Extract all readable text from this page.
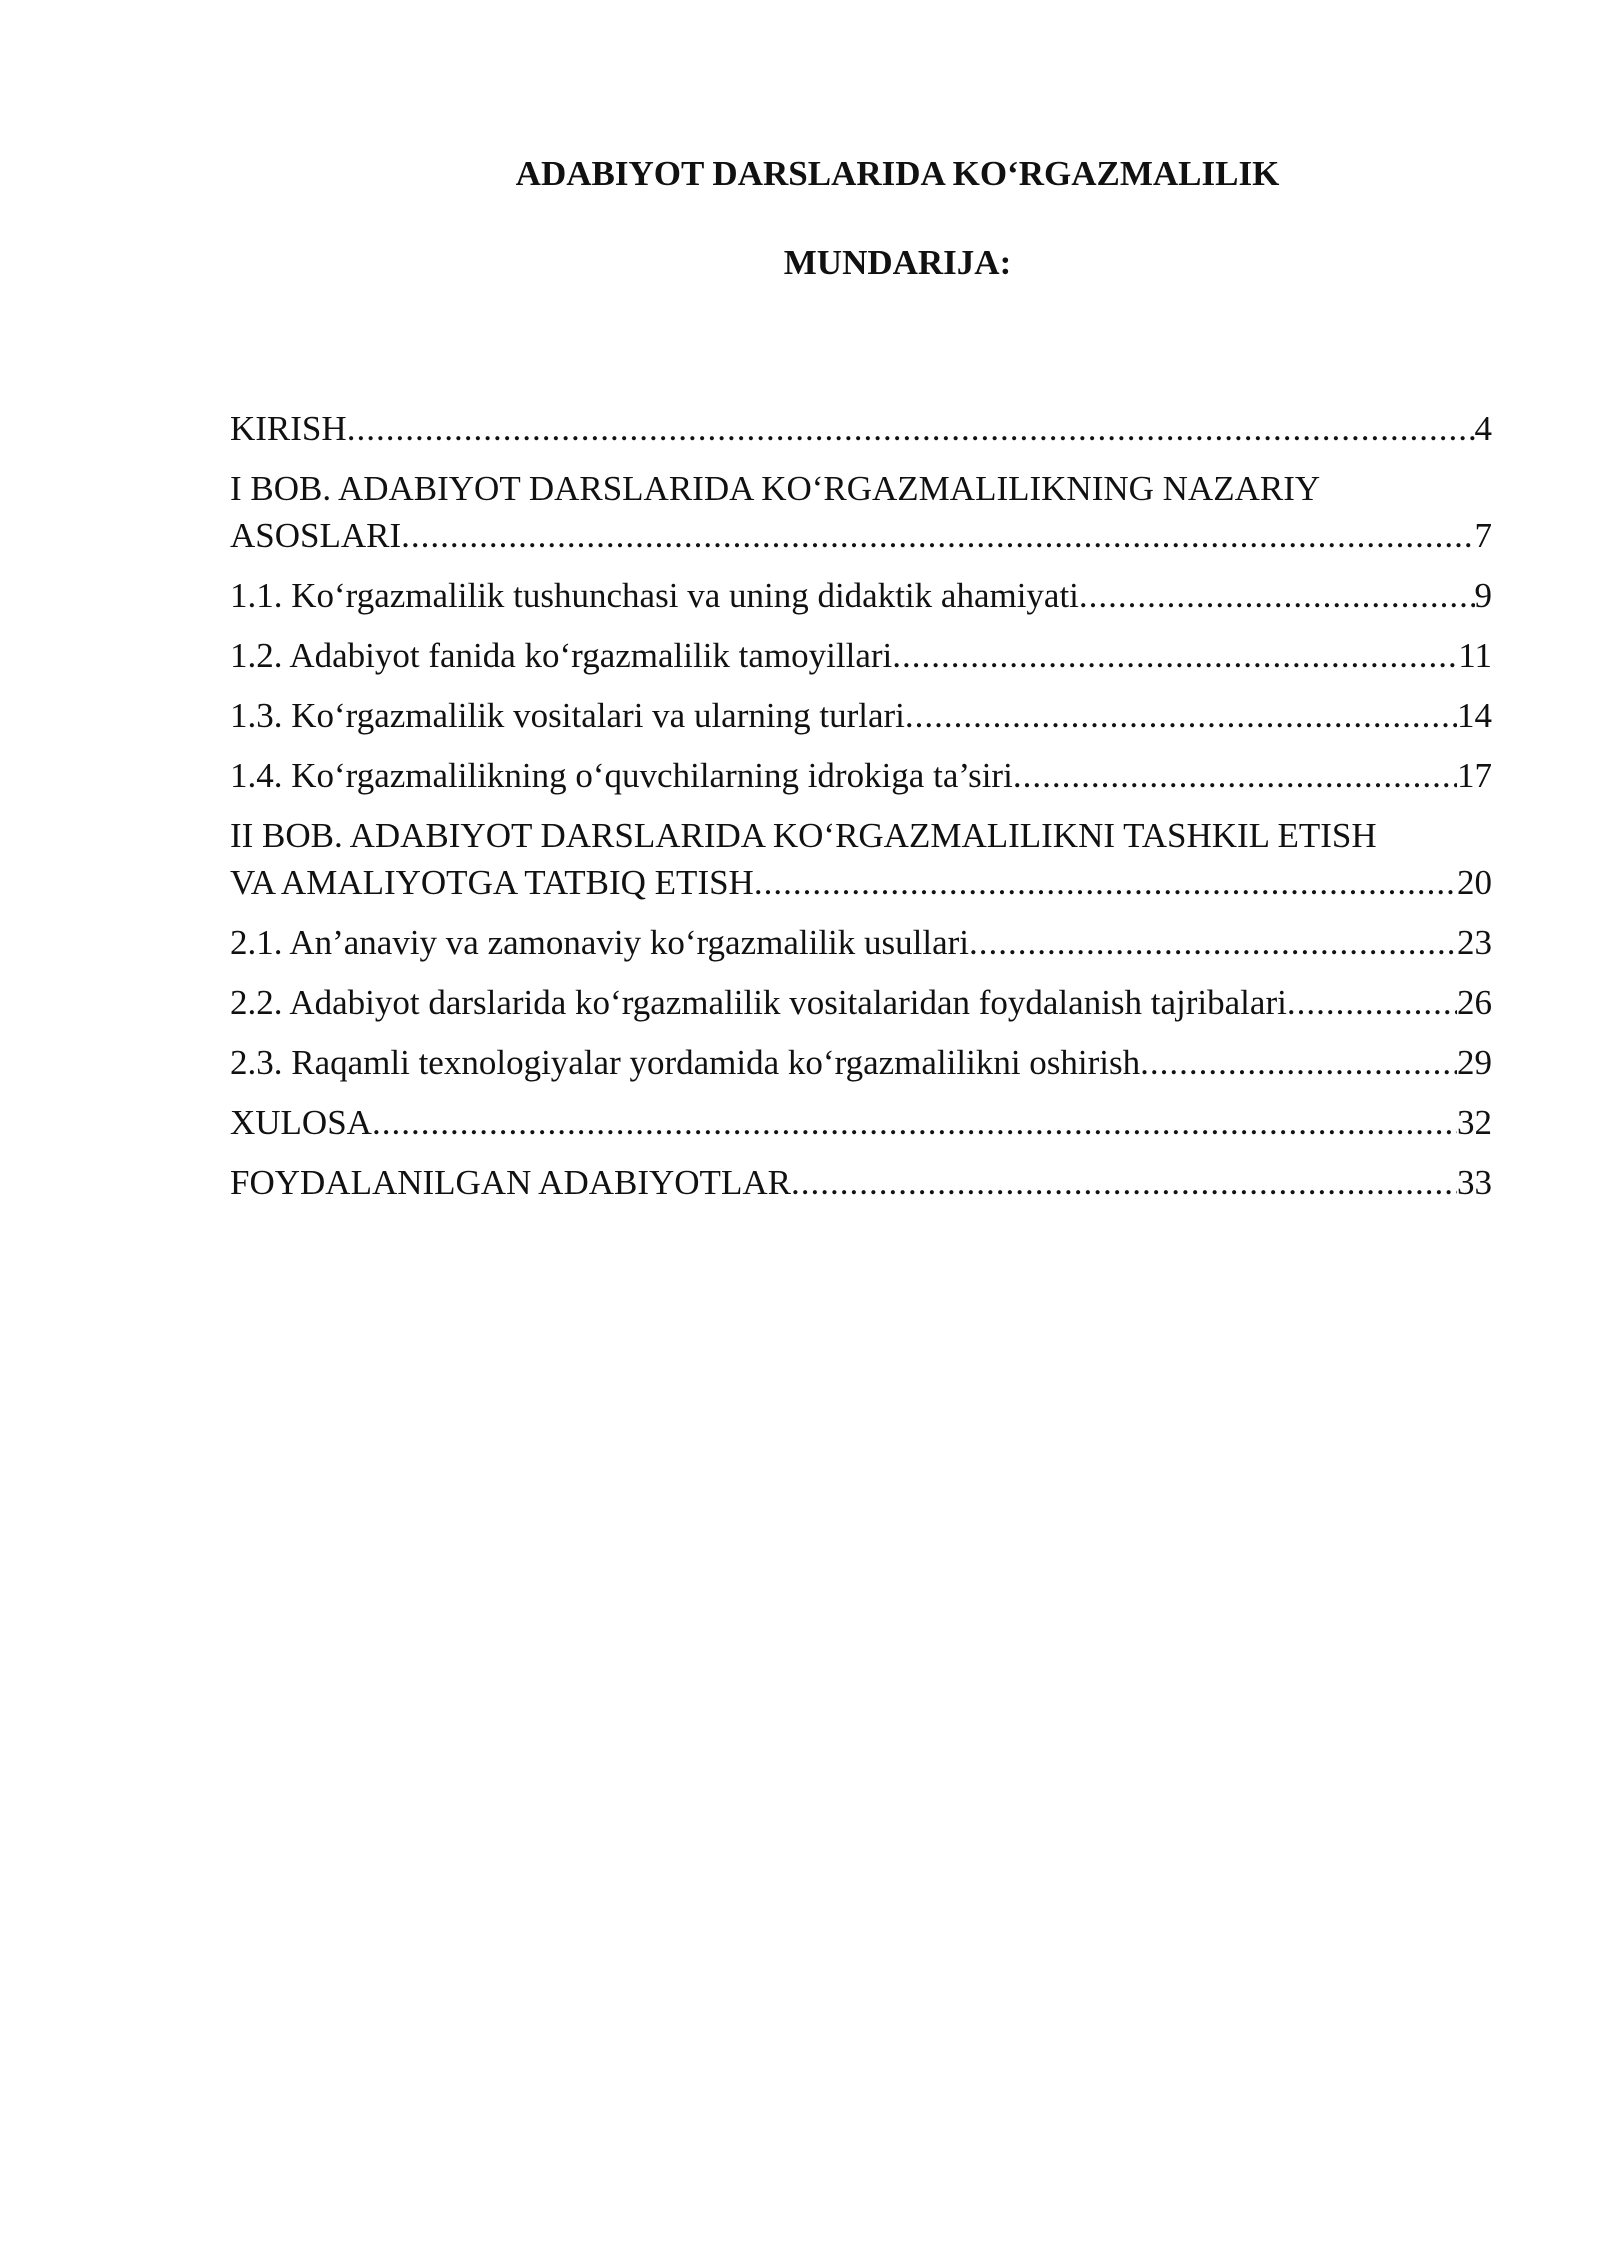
ADABIYOT DARSLARIDA KO‘RGAZMALILIK
MUNDARIJA:
KIRISH .....	4
I BOB. ADABIYOT DARSLARIDA KO‘RGAZMALILIKNING NAZARIY
ASOSLARI .....	7
1.1. Ko‘rgazmalilik tushunchasi va uning didaktik ahamiyati .....	9
1.2. Adabiyot fanida ko‘rgazmalilik tamoyillari .....	11
1.3. Ko‘rgazmalilik vositalari va ularning turlari .....	14
1.4. Ko‘rgazmalilikning o‘quvchilarning idrokiga ta’siri .....	17
II BOB. ADABIYOT DARSLARIDA KO‘RGAZMALILIKNI TASHKIL ETISH
VA AMALIYOTGA TATBIQ ETISH .....	20
2.1. An’anaviy va zamonaviy ko‘rgazmalilik usullari .....	23
2.2. Adabiyot darslarida ko‘rgazmalilik vositalaridan foydalanish tajribalari .....	26
2.3. Raqamli texnologiyalar yordamida ko‘rgazmalilikni oshirish .....	29
XULOSA .....	32
FOYDALANILGAN ADABIYOTLAR .....	33
